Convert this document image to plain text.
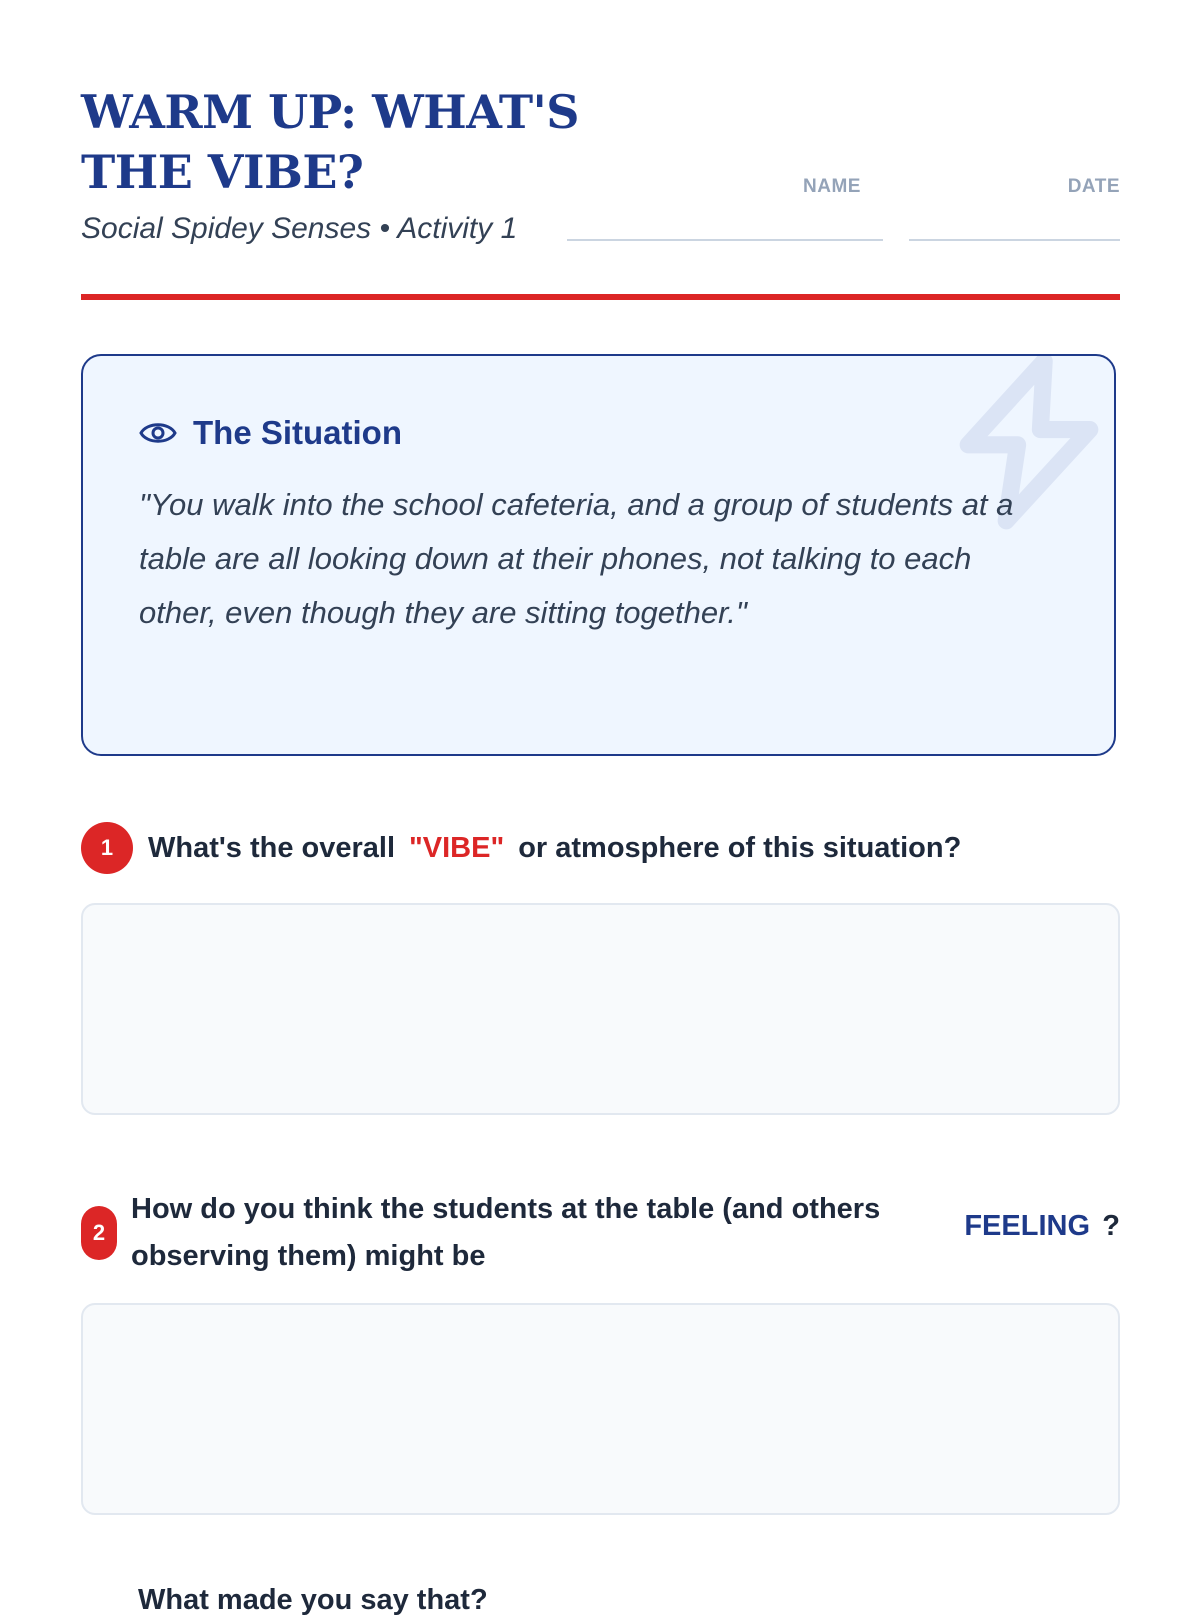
WARM UP: WHAT'S
THE VIBE?
Social Spidey Senses • Activity 1
NAME	DATE
The Situation
"You walk into the school cafeteria, and a group of students at a table are all looking down at their phones, not talking to each other, even though they are sitting together."
1	What's the overall "VIBE" or atmosphere of this situation?
2
How do you think the students at the table (and others observing them) might be
FEELING ?
What made you say that?
